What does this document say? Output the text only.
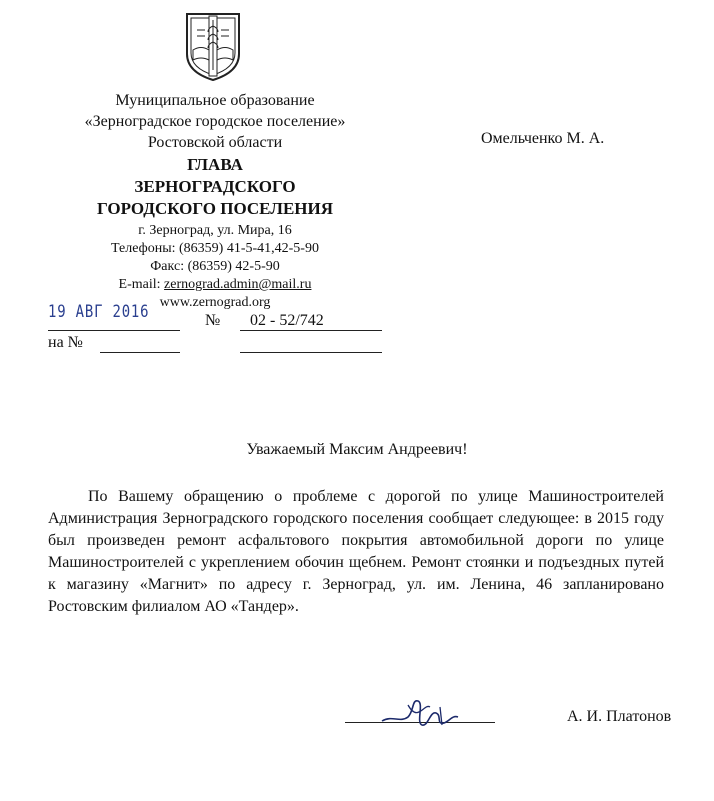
Муниципальное образование
«Зерноградское городское поселение»
Ростовской области
ГЛАВА
ЗЕРНОГРАДСКОГО
ГОРОДСКОГО ПОСЕЛЕНИЯ
г. Зерноград, ул. Мира, 16
Телефоны: (86359) 41-5-41,42-5-90
Факс: (86359) 42-5-90
E-mail: zernograd.admin@mail.ru
www.zernograd.org
Омельченко М. А.
19 АВГ 2016	№ 02 - 52/742
на №
Уважаемый Максим Андреевич!

По Вашему обращению о проблеме с дорогой по улице Машиностроителей Администрация Зерноградского городского поселения сообщает следующее: в 2015 году был произведен ремонт асфальтового покрытия автомобильной дороги по улице Машиностроителей с укреплением обочин щебнем. Ремонт стоянки и подъездных путей к магазину «Магнит» по адресу г. Зерноград, ул. им. Ленина, 46 запланировано Ростовским филиалом АО «Тандер».

А. И. Платонов
